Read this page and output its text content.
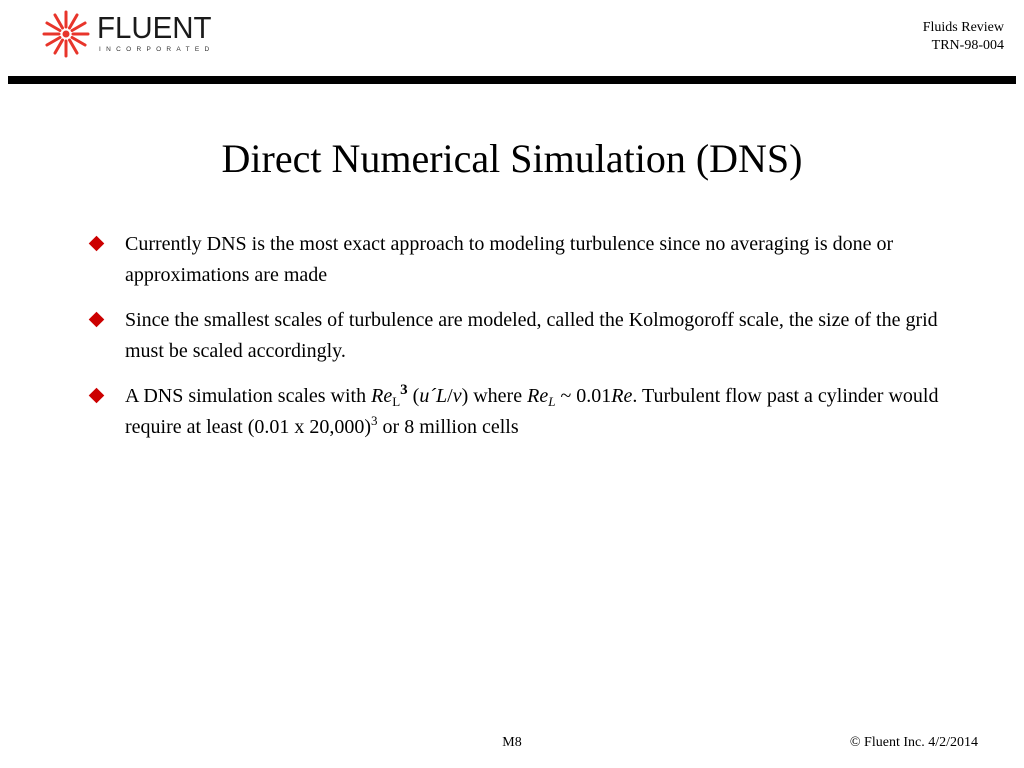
FLUENT
INCORPORATED
Fluids Review
TRN-98-004
Direct Numerical Simulation (DNS)
Currently DNS is the most exact approach to modeling turbulence since no averaging is done or approximations are made
Since the smallest scales of turbulence are modeled, called the Kolmogoroff scale, the size of the grid must be scaled accordingly.
A DNS simulation scales with $Re_L^3$ (u´L/ν) where $Re_L$ ~ 0.01Re. Turbulent flow past a cylinder would require at least (0.01 x 20,000)$^3$ or 8 million cells
M8	© Fluent Inc. 4/2/2014
